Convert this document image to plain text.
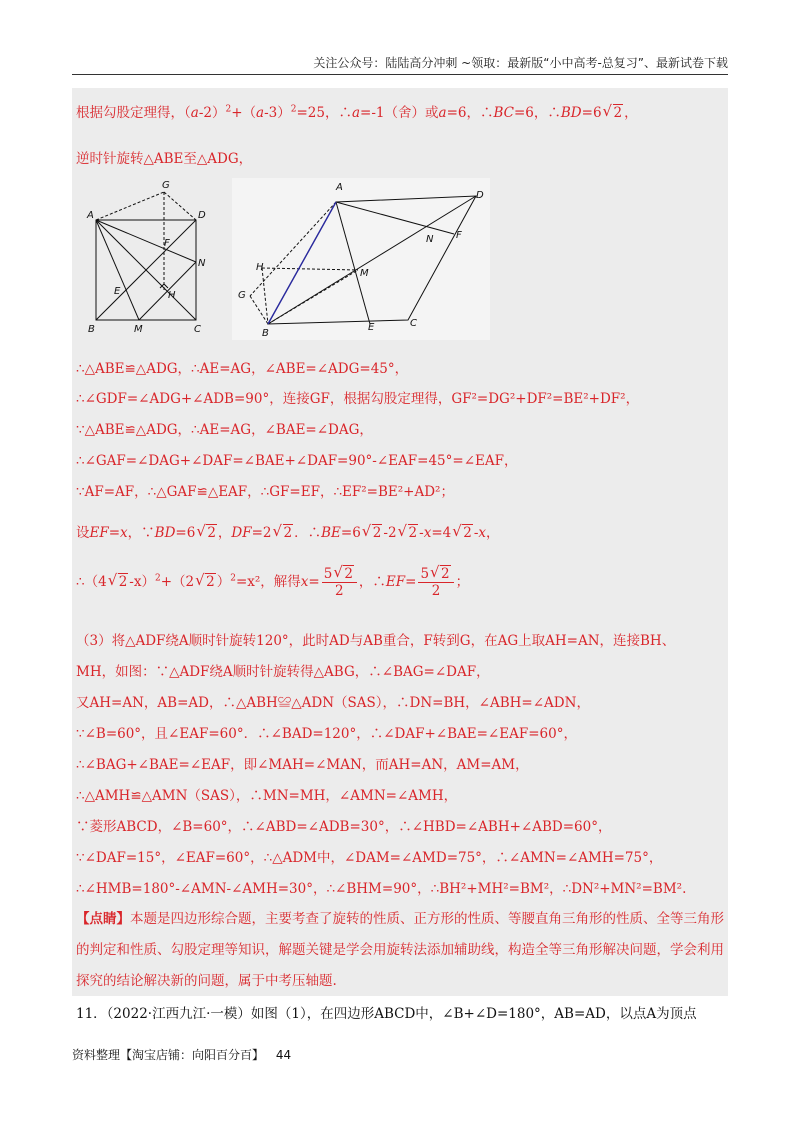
关注公众号：陆陆高分冲刺 ~领取：最新版“小中高考-总复习”、最新试卷下载
根据勾股定理得，$(a-2)^2+(a-3)^2=25$，∴a=-1（舍）或a=6，∴BC=6，∴BD=6 √ 2 ，
逆时针旋转△ABE至△ADG，
A	D
G
F
N
E	H
B	M	C
A
D
N F
H
M
G
B
E	C
∴△ABE≌△ADG，∴AE=AG，∠ABE=∠ADG=45°，
∴∠GDF=∠ADG+∠ADB=90°，连接GF，根据勾股定理得，GF²=DG²+DF²=BE²+DF²，
∵△ABE≌△ADG，∴AE=AG，∠BAE=∠DAG，
∴∠GAF=∠DAG+∠DAF=∠BAE+∠DAF=90°-∠EAF=45°=∠EAF，
∵AF=AF，∴△GAF≌△EAF，∴GF=EF，∴EF²=BE²+AD²；
设EF=x，∵BD=6 √ 2 ，DF=2 √ 2 ．∴BE=6 √ 2 -2 √ 2 -x=4 √ 2 -x，
∴（4 √ 2 -x）$^2$+（2 √ 2 ）$^2$=x²，解得$x= \frac{5 √ 2}{2}$ ，∴EF= $\frac{5 √ 2}{2}$ ；
（3）将△ADF绕A顺时针旋转120°，此时AD与AB重合，F转到G，在AG上取AH=AN，连接BH、
MH，如图：∵△ADF绕A顺时针旋转得△ABG，∴∠BAG=∠DAF，
又AH=AN，AB=AD，∴△ABH≌△ADN（SAS），∴DN=BH，∠ABH=∠ADN，
∵∠B=60°，且∠EAF=60°．∴∠BAD=120°，∴∠DAF+∠BAE=∠EAF=60°，
∴∠BAG+∠BAE=∠EAF，即∠MAH=∠MAN，而AH=AN，AM=AM，
∴△AMH≌△AMN（SAS），∴MN=MH，∠AMN=∠AMH，
∵菱形ABCD，∠B=60°，∴∠ABD=∠ADB=30°，∴∠HBD=∠ABH+∠ABD=60°，
∵∠DAF=15°，∠EAF=60°，∴△ADM中，∠DAM=∠AMD=75°，∴∠AMN=∠AMH=75°，
∴∠HMB=180°-∠AMN-∠AMH=30°，∴∠BHM=90°，∴BH²+MH²=BM²，∴DN²+MN²=BM².
【点睛】本题是四边形综合题，主要考查了旋转的性质、正方形的性质、等腰直角三角形的性质、全等三角形的判定和性质、勾股定理等知识，解题关键是学会用旋转法添加辅助线，构造全等三角形解决问题，学会利用探究的结论解决新的问题，属于中考压轴题.
11．（2022·江西九江·一模）如图（1），在四边形ABCD中，∠B+∠D=180°，AB=AD，以点A为顶点
资料整理【淘宝店铺：向阳百分百】 44
